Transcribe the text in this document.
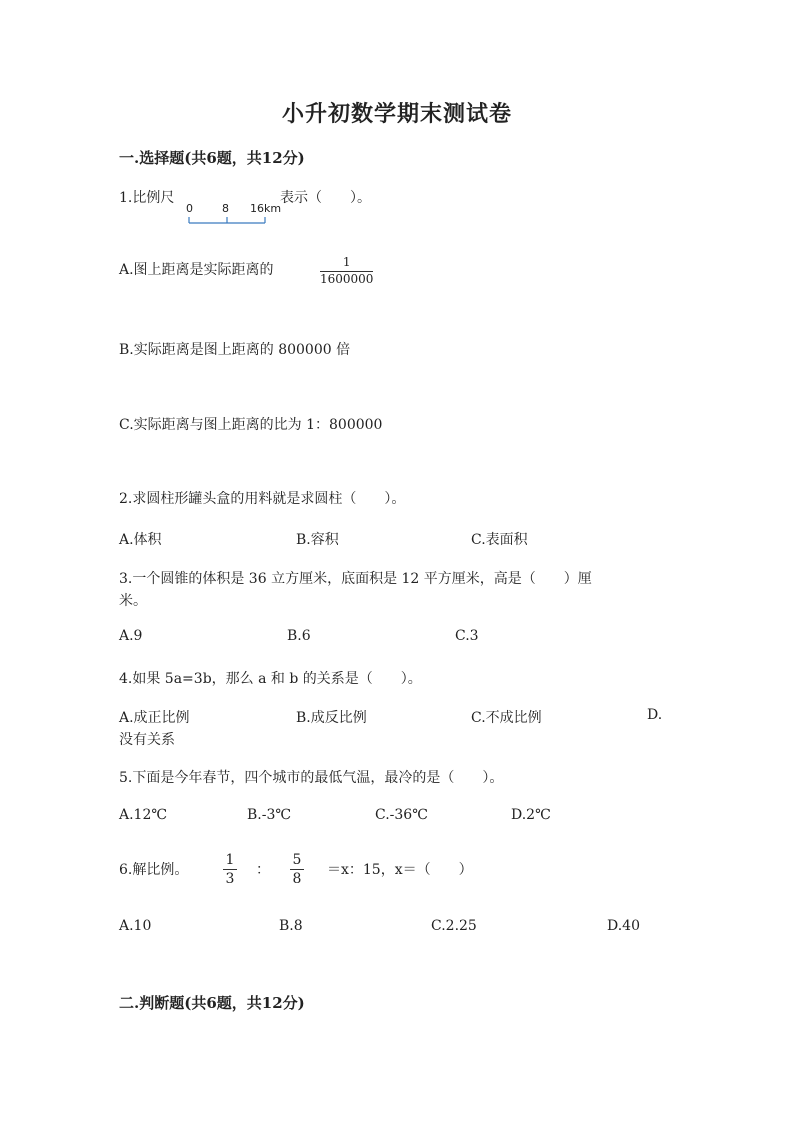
小升初数学期末测试卷
一.选择题(共6题，共12分)
1.比例尺
0	8 16km
表示（　　）。
A.图上距离是实际距离的	1
1600000
B.实际距离是图上距离的 800000 倍
C.实际距离与图上距离的比为 1：800000
2.求圆柱形罐头盒的用料就是求圆柱（　　）。
A.体积	B.容积	C.表面积
3.一个圆锥的体积是 36 立方厘米，底面积是 12 平方厘米，高是（　　）厘
米。
A.9	B.6	C.3
4.如果 5a=3b，那么 a 和 b 的关系是（　　）。
A.成正比例	B.成反比例	C.不成比例	D.
没有关系
5.下面是今年春节，四个城市的最低气温，最冷的是（　　）。
A.12℃	B.-3℃	C.-36℃	D.2℃
6.解比例。
1
3
：
5
8
＝x：15，x＝（　　）
A.10	B.8	C.2.25	D.40
二.判断题(共6题，共12分)
